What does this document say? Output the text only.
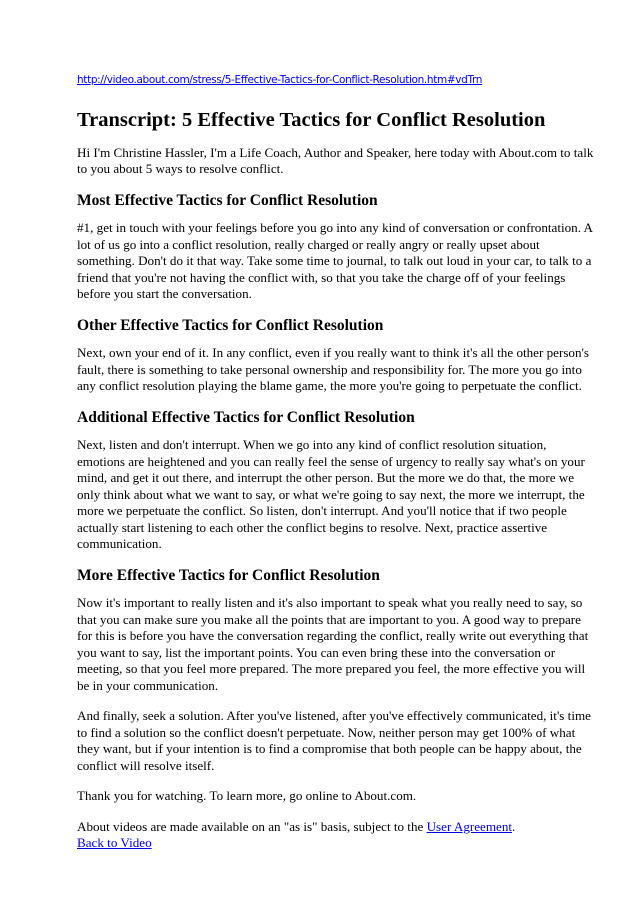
http://video.about.com/stress/5-Effective-Tactics-for-Conflict-Resolution.htm#vdTrn
Transcript: 5 Effective Tactics for Conflict Resolution

Hi I'm Christine Hassler, I'm a Life Coach, Author and Speaker, here today with About.com to talk to you about 5 ways to resolve conflict.

Most Effective Tactics for Conflict Resolution

#1, get in touch with your feelings before you go into any kind of conversation or confrontation. A lot of us go into a conflict resolution, really charged or really angry or really upset about something. Don't do it that way. Take some time to journal, to talk out loud in your car, to talk to a friend that you're not having the conflict with, so that you take the charge off of your feelings before you start the conversation.

Other Effective Tactics for Conflict Resolution

Next, own your end of it. In any conflict, even if you really want to think it's all the other person's fault, there is something to take personal ownership and responsibility for. The more you go into any conflict resolution playing the blame game, the more you're going to perpetuate the conflict.

Additional Effective Tactics for Conflict Resolution

Next, listen and don't interrupt. When we go into any kind of conflict resolution situation, emotions are heightened and you can really feel the sense of urgency to really say what's on your mind, and get it out there, and interrupt the other person. But the more we do that, the more we only think about what we want to say, or what we're going to say next, the more we interrupt, the more we perpetuate the conflict. So listen, don't interrupt. And you'll notice that if two people actually start listening to each other the conflict begins to resolve. Next, practice assertive communication.

More Effective Tactics for Conflict Resolution

Now it's important to really listen and it's also important to speak what you really need to say, so that you can make sure you make all the points that are important to you. A good way to prepare for this is before you have the conversation regarding the conflict, really write out everything that you want to say, list the important points. You can even bring these into the conversation or meeting, so that you feel more prepared. The more prepared you feel, the more effective you will be in your communication.

And finally, seek a solution. After you've listened, after you've effectively communicated, it's time to find a solution so the conflict doesn't perpetuate. Now, neither person may get 100% of what they want, but if your intention is to find a compromise that both people can be happy about, the conflict will resolve itself.

Thank you for watching. To learn more, go online to About.com.

About videos are made available on an "as is" basis, subject to the User Agreement.
Back to Video
